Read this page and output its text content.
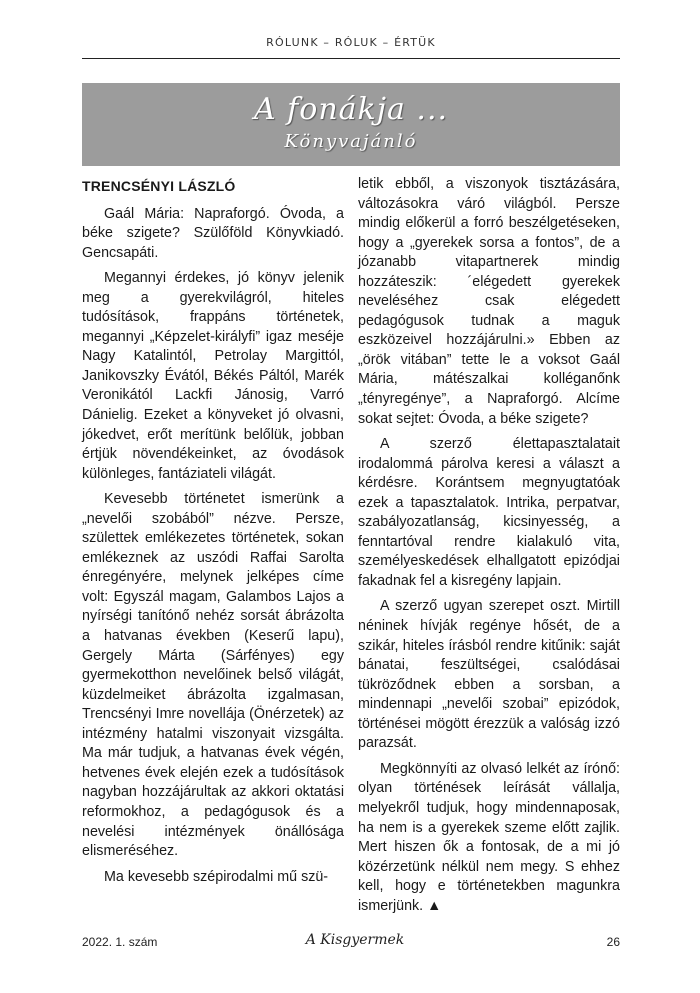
RÓLUNK – RÓLUK – ÉRTÜK
A fonákja ...
Könyvajánló
TRENCSÉNYI LÁSZLÓ

Gaál Mária: Napraforgó. Óvoda, a béke szigete? Szülőföld Könyvkiadó. Gencsapáti.

Megannyi érdekes, jó könyv jelenik meg a gyerekvilágról, hiteles tudósítások, frappáns történetek, megannyi „Képzelet-királyfi” igaz meséje Nagy Katalintól, Petrolay Margittól, Janikovszky Évától, Békés Páltól, Marék Veronikától Lackfi Jánosig, Varró Dánielig. Ezeket a könyveket jó olvasni, jókedvet, erőt merítünk belőlük, jobban értjük növendékeinket, az óvodások különleges, fantáziateli világát.

Kevesebb történetet ismerünk a „nevelői szobából” nézve. Persze, születtek emlékezetes történetek, sokan emlékeznek az uszódi Raffai Sarolta énregényére, melynek jelképes címe volt: Egyszál magam, Galambos Lajos a nyírségi tanítónő nehéz sorsát ábrázolta a hatvanas években (Keserű lapu), Gergely Márta (Sárfényes) egy gyermekotthon nevelőinek belső világát, küzdelmeiket ábrázolta izgalmasan, Trencsényi Imre novellája (Önérzetek) az intézmény hatalmi viszonyait vizsgálta. Ma már tudjuk, a hatvanas évek végén, hetvenes évek elején ezek a tudósítások nagyban hozzájárultak az akkori oktatási reformokhoz, a pedagógusok és a nevelési intézmények önállósága elismeréséhez.

Ma kevesebb szépirodalmi mű szü-

letik ebből, a viszonyok tisztázására, változásokra váró világból. Persze mindig előkerül a forró beszélgetéseken, hogy a „gyerekek sorsa a fontos”, de a józanabb vitapartnerek mindig hozzáteszik: ´elégedett gyerekek neveléséhez csak elégedett pedagógusok tudnak a maguk eszközeivel hozzájárulni.» Ebben az „örök vitában” tette le a voksot Gaál Mária, mátészalkai kolléganőnk „tényregénye”, a Napraforgó. Alcíme sokat sejtet: Óvoda, a béke szigete?

A szerző élettapasztalatait irodalommá párolva keresi a választ a kérdésre. Korántsem megnyugtatóak ezek a tapasztalatok. Intrika, perpatvar, szabályozatlanság, kicsinyesség, a fenntartóval rendre kialakuló vita, személyeskedések elhallgatott epizódjai fakadnak fel a kisregény lapjain.

A szerző ugyan szerepet oszt. Mirtill néninek hívják regénye hősét, de a szikár, hiteles írásból rendre kitűnik: saját bánatai, feszültségei, csalódásai tükröződnek ebben a sorsban, a mindennapi „nevelői szobai” epizódok, történései mögött érezzük a valóság izzó parazsát.

Megkönnyíti az olvasó lelkét az írónő: olyan történések leírását vállalja, melyekről tudjuk, hogy mindennaposak, ha nem is a gyerekek szeme előtt zajlik. Mert hiszen ők a fontosak, de a mi jó közérzetünk nélkül nem megy. S ehhez kell, hogy e történetekben magunkra ismerjünk. ▲

2022. 1. szám	A Kisgyermek	26
